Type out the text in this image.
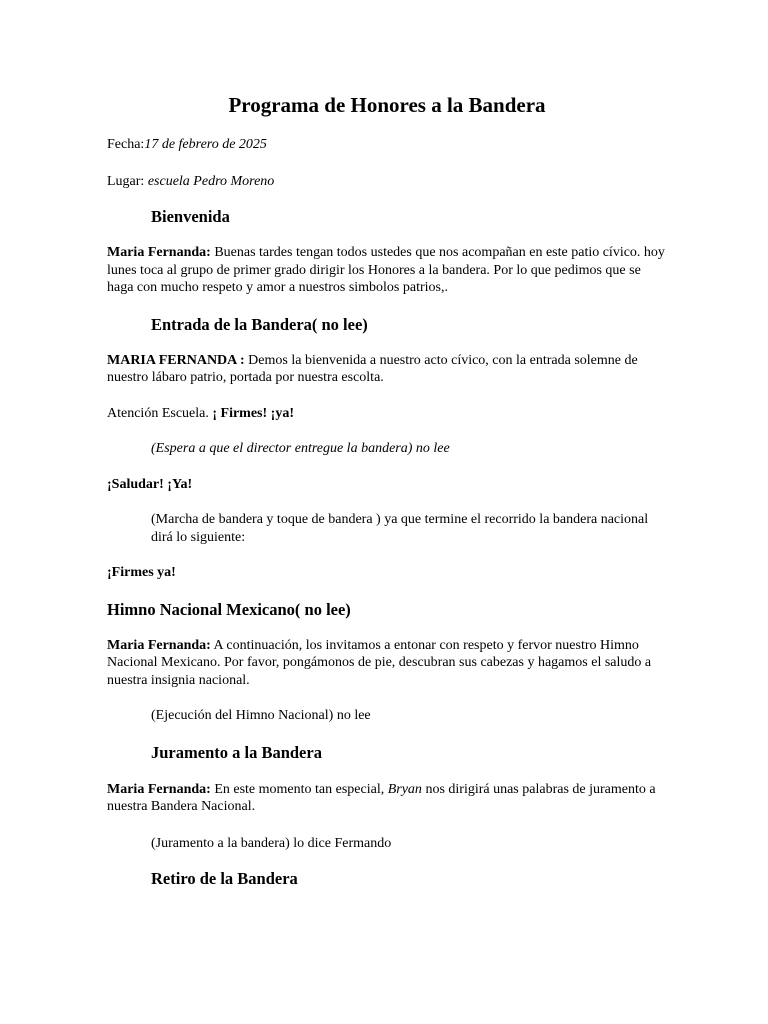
Programa de Honores a la Bandera

Fecha:17 de febrero de 2025

Lugar: escuela Pedro Moreno

Bienvenida

Maria Fernanda: Buenas tardes tengan todos ustedes que nos acompañan en este patio cívico. hoy lunes toca al grupo de primer grado dirigir los Honores a la bandera. Por lo que pedimos que se haga con mucho respeto y amor a nuestros simbolos patrios,.

Entrada de la Bandera( no lee)

MARIA FERNANDA : Demos la bienvenida a nuestro acto cívico, con la entrada solemne de nuestro lábaro patrio, portada por nuestra escolta.

Atención Escuela. ¡ Firmes! ¡ya!

(Espera a que el director entregue la bandera) no lee

¡Saludar! ¡Ya!

(Marcha de bandera y toque de bandera ) ya que termine el recorrido la bandera nacional dirá lo siguiente:

¡Firmes ya!

Himno Nacional Mexicano( no lee)

Maria Fernanda: A continuación, los invitamos a entonar con respeto y fervor nuestro Himno Nacional Mexicano. Por favor, pongámonos de pie, descubran sus cabezas y hagamos el saludo a nuestra insignia nacional.

(Ejecución del Himno Nacional) no lee

Juramento a la Bandera

Maria Fernanda: En este momento tan especial, Bryan nos dirigirá unas palabras de juramento a nuestra Bandera Nacional.

(Juramento a la bandera) lo dice Fermando

Retiro de la Bandera
